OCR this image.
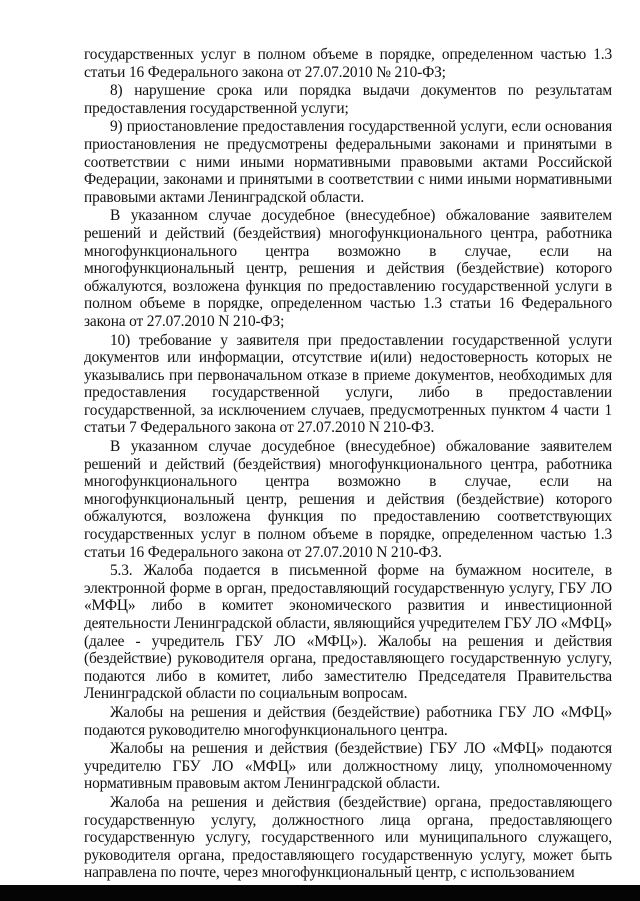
государственных услуг в полном объеме в порядке, определенном частью 1.3 статьи 16 Федерального закона от 27.07.2010 № 210-ФЗ;

8) нарушение срока или порядка выдачи документов по результатам предоставления государственной услуги;

9) приостановление предоставления государственной услуги, если основания приостановления не предусмотрены федеральными законами и принятыми в соответствии с ними иными нормативными правовыми актами Российской Федерации, законами и принятыми в соответствии с ними иными нормативными правовыми актами Ленинградской области.

В указанном случае досудебное (внесудебное) обжалование заявителем решений и действий (бездействия) многофункционального центра, работника многофункционального центра возможно в случае, если на многофункциональный центр, решения и действия (бездействие) которого обжалуются, возложена функция по предоставлению государственной услуги в полном объеме в порядке, определенном частью 1.3 статьи 16 Федерального закона от 27.07.2010 N 210-ФЗ;

10) требование у заявителя при предоставлении государственной услуги документов или информации, отсутствие и(или) недостоверность которых не указывались при первоначальном отказе в приеме документов, необходимых для предоставления государственной услуги, либо в предоставлении государственной, за исключением случаев, предусмотренных пунктом 4 части 1 статьи 7 Федерального закона от 27.07.2010 N 210-ФЗ.

В указанном случае досудебное (внесудебное) обжалование заявителем решений и действий (бездействия) многофункционального центра, работника многофункционального центра возможно в случае, если на многофункциональный центр, решения и действия (бездействие) которого обжалуются, возложена функция по предоставлению соответствующих государственных услуг в полном объеме в порядке, определенном частью 1.3 статьи 16 Федерального закона от 27.07.2010 N 210-ФЗ.

5.3. Жалоба подается в письменной форме на бумажном носителе, в электронной форме в орган, предоставляющий государственную услугу, ГБУ ЛО «МФЦ» либо в комитет экономического развития и инвестиционной деятельности Ленинградской области, являющийся учредителем ГБУ ЛО «МФЦ» (далее - учредитель ГБУ ЛО «МФЦ»). Жалобы на решения и действия (бездействие) руководителя органа, предоставляющего государственную услугу, подаются либо в комитет, либо заместителю Председателя Правительства Ленинградской области по социальным вопросам.

Жалобы на решения и действия (бездействие) работника ГБУ ЛО «МФЦ» подаются руководителю многофункционального центра.

Жалобы на решения и действия (бездействие) ГБУ ЛО «МФЦ» подаются учредителю ГБУ ЛО «МФЦ» или должностному лицу, уполномоченному нормативным правовым актом Ленинградской области.

Жалоба на решения и действия (бездействие) органа, предоставляющего государственную услугу, должностного лица органа, предоставляющего государственную услугу, государственного или муниципального служащего, руководителя органа, предоставляющего государственную услугу, может быть направлена по почте, через многофункциональный центр, с использованием
